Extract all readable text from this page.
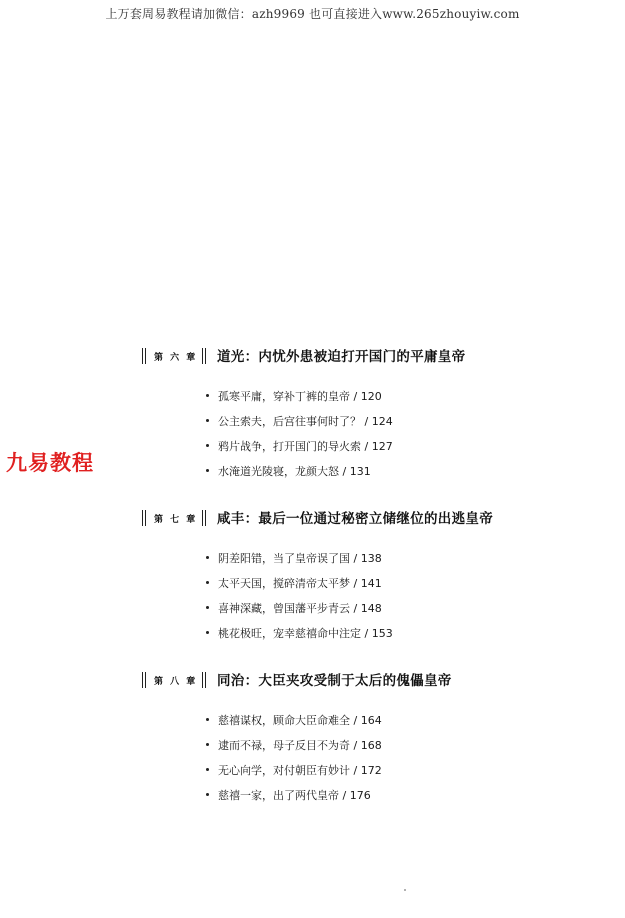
上万套周易教程请加微信：azh9969 也可直接进入www.265zhouyiw.com
九易教程
第 六 章 道光：内忧外患被迫打开国门的平庸皇帝
孤寒平庸，穿补丁裤的皇帝 / 120
公主索夫，后宫往事何时了？ / 124
鸦片战争，打开国门的导火索 / 127
水淹道光陵寝，龙颜大怒 / 131
第 七 章 咸丰：最后一位通过秘密立储继位的出逃皇帝
阴差阳错，当了皇帝误了国 / 138
太平天国，搅碎清帝太平梦 / 141
喜神深藏，曾国藩平步青云 / 148
桃花极旺，宠幸慈禧命中注定 / 153
第 八 章 同治：大臣夹攻受制于太后的傀儡皇帝
慈禧谋权，顾命大臣命难全 / 164
逮而不禄，母子反目不为奇 / 168
无心向学，对付朝臣有妙计 / 172
慈禧一家，出了两代皇帝 / 176
